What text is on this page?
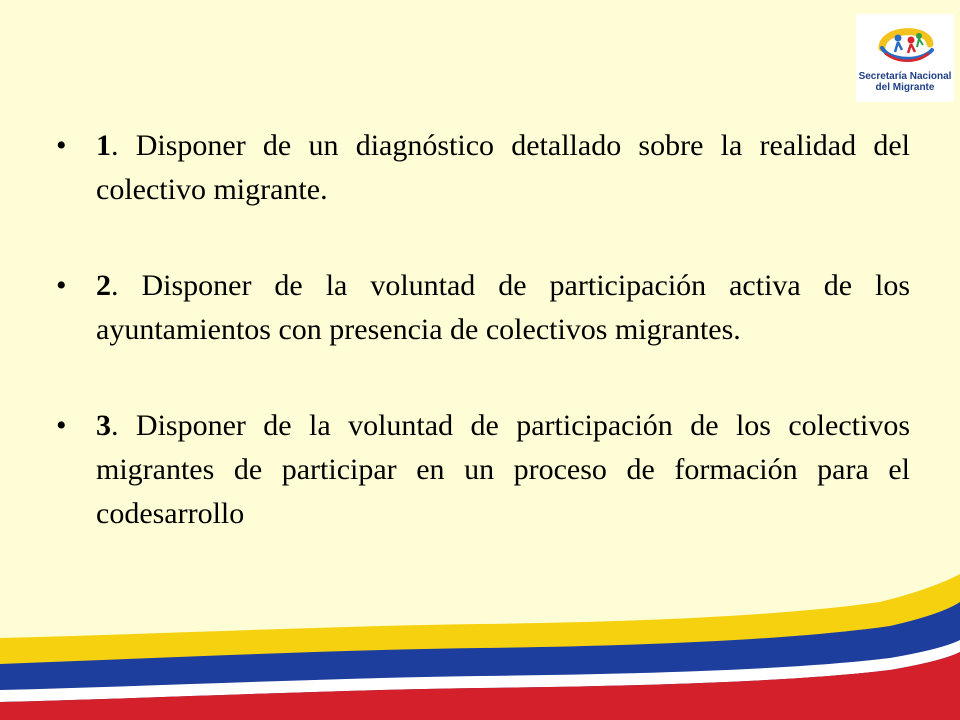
Secretaría Nacional
del Migrante
• 1. Disponer de un diagnóstico detallado sobre la realidad del colectivo migrante.
• 2. Disponer de la voluntad de participación activa de los ayuntamientos con presencia de colectivos migrantes.
• 3. Disponer de la voluntad de participación de los colectivos migrantes de participar en un proceso de formación para el codesarrollo
